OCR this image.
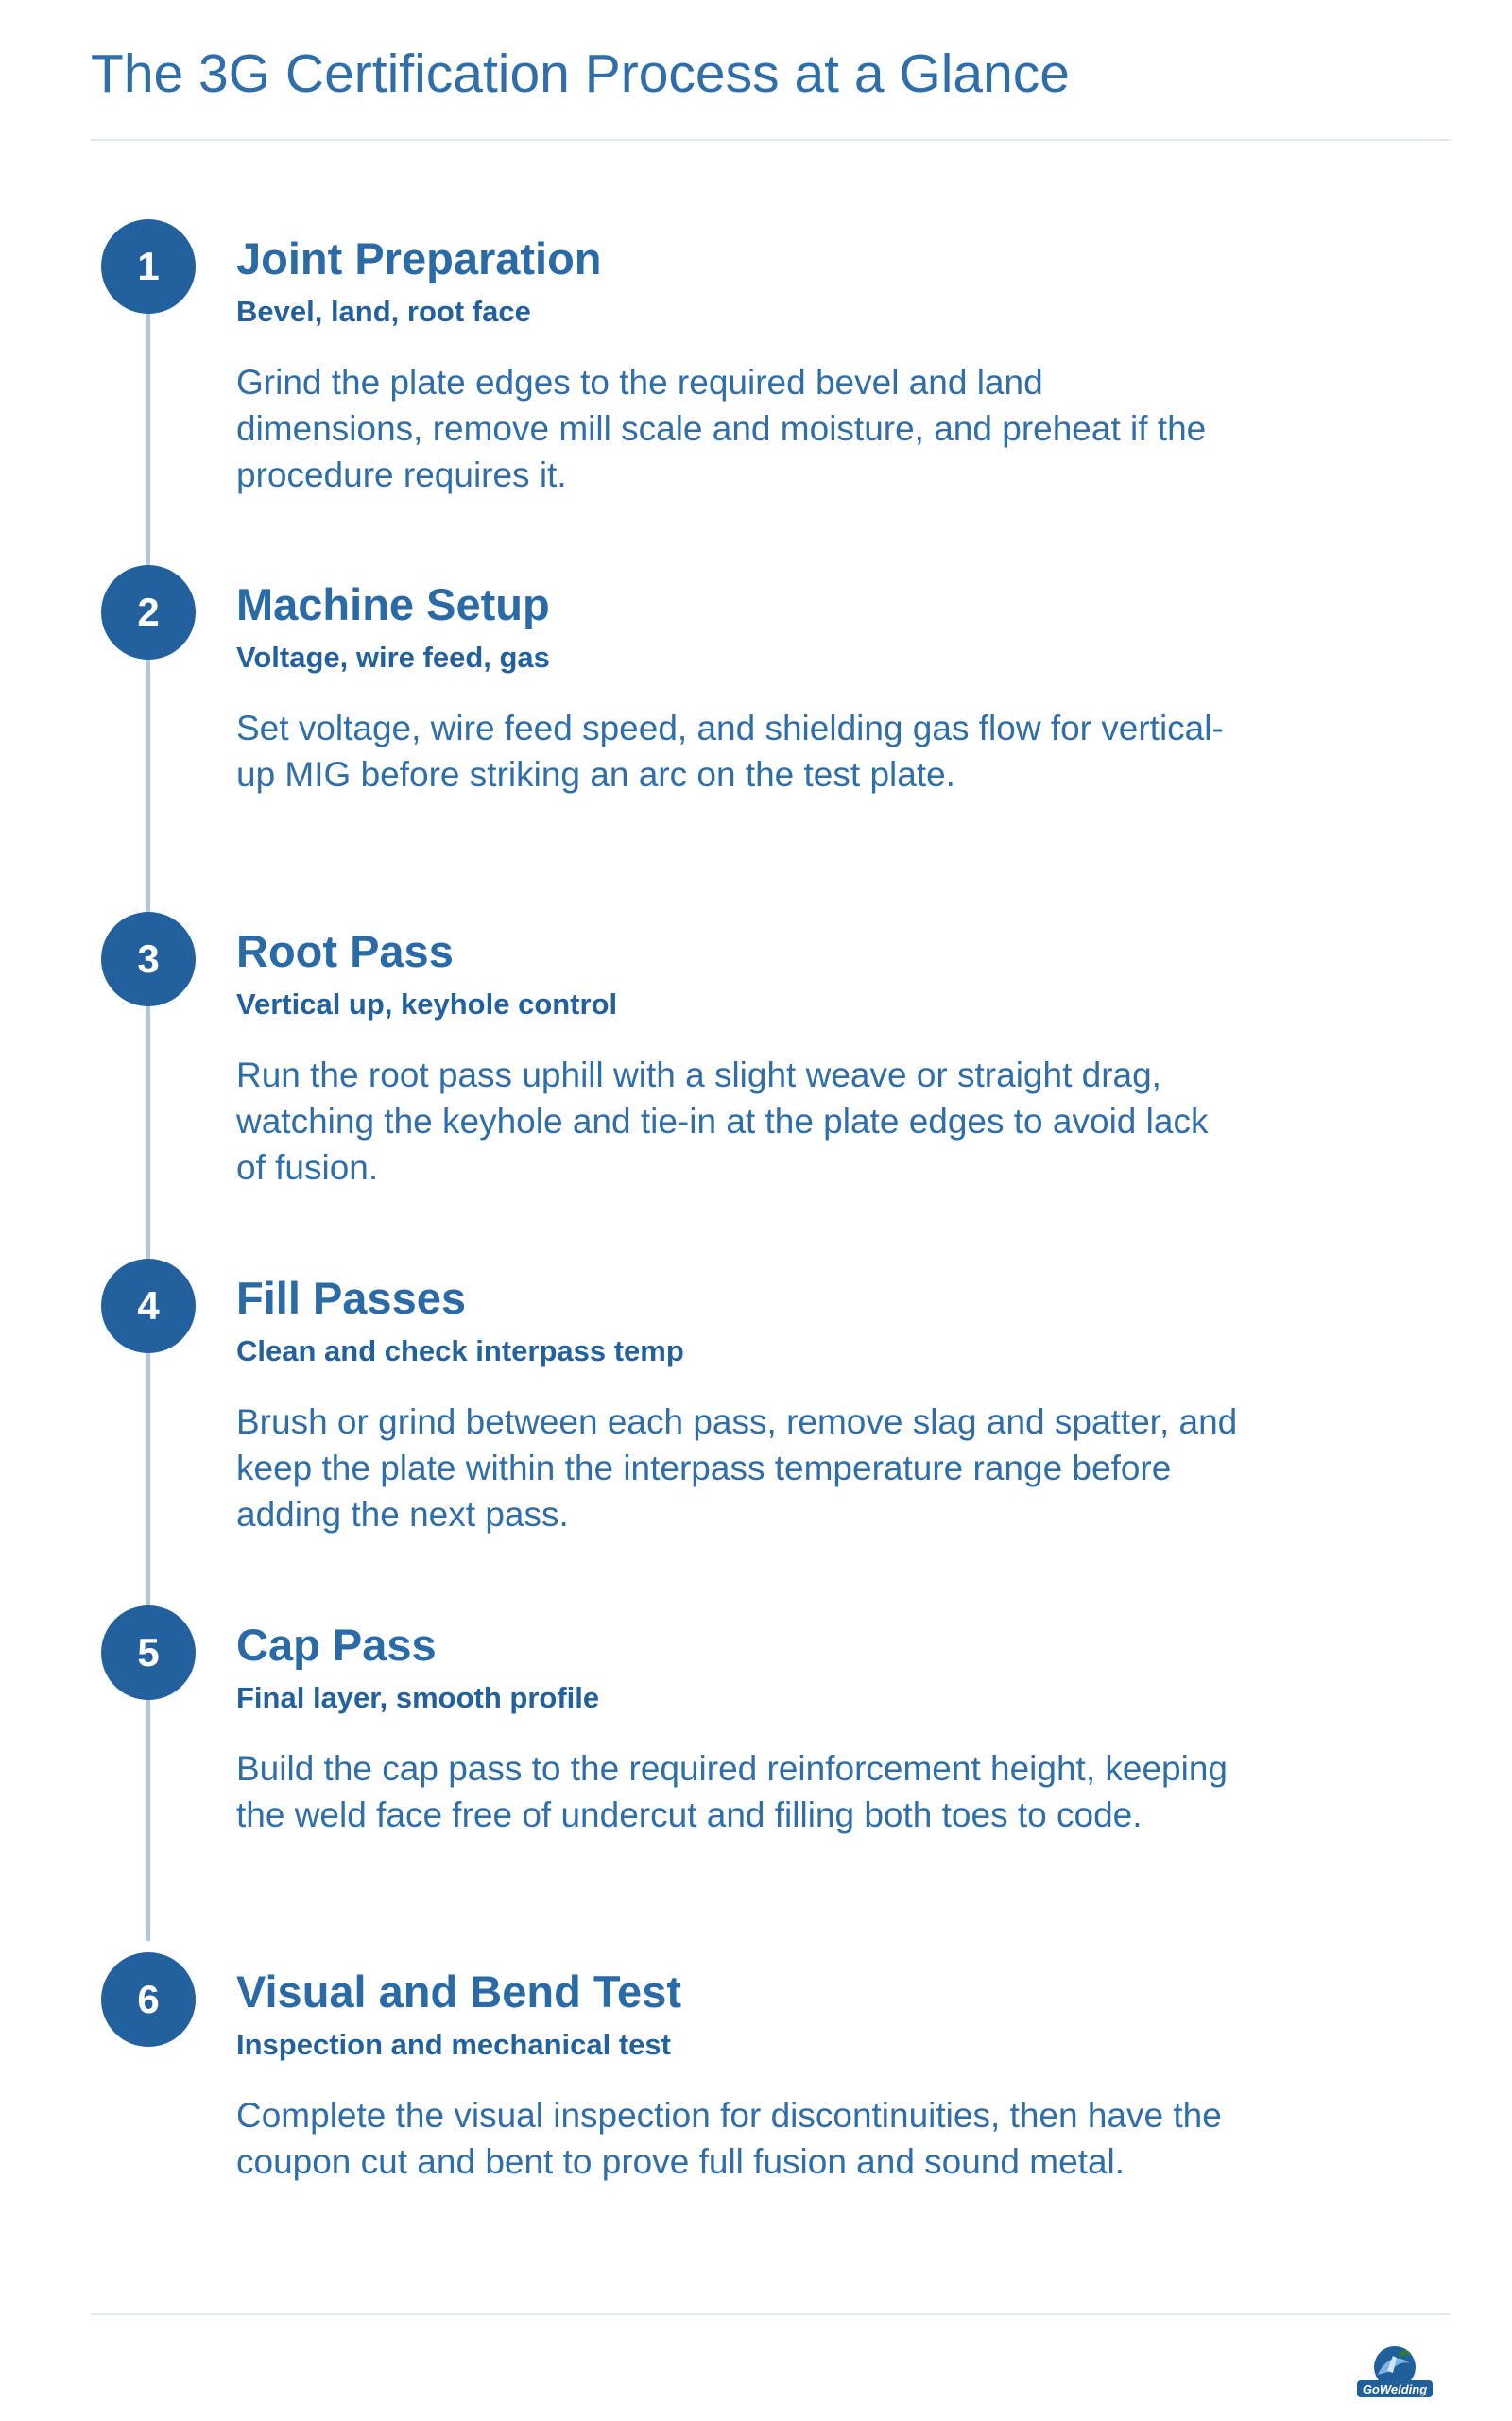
The 3G Certification Process at a Glance
1	Joint Preparation

Bevel, land, root face

Grind the plate edges to the required bevel and land dimensions, remove mill scale and moisture, and preheat if the procedure requires it.

2	Machine Setup

Voltage, wire feed, gas

Set voltage, wire feed speed, and shielding gas flow for vertical-up MIG before striking an arc on the test plate.

3	Root Pass

Vertical up, keyhole control

Run the root pass uphill with a slight weave or straight drag, watching the keyhole and tie-in at the plate edges to avoid lack of fusion.

4	Fill Passes

Clean and check interpass temp

Brush or grind between each pass, remove slag and spatter, and keep the plate within the interpass temperature range before adding the next pass.

5	Cap Pass

Final layer, smooth profile

Build the cap pass to the required reinforcement height, keeping the weld face free of undercut and filling both toes to code.

6	Visual and Bend Test

Inspection and mechanical test

Complete the visual inspection for discontinuities, then have the coupon cut and bent to prove full fusion and sound metal.

GoWelding
